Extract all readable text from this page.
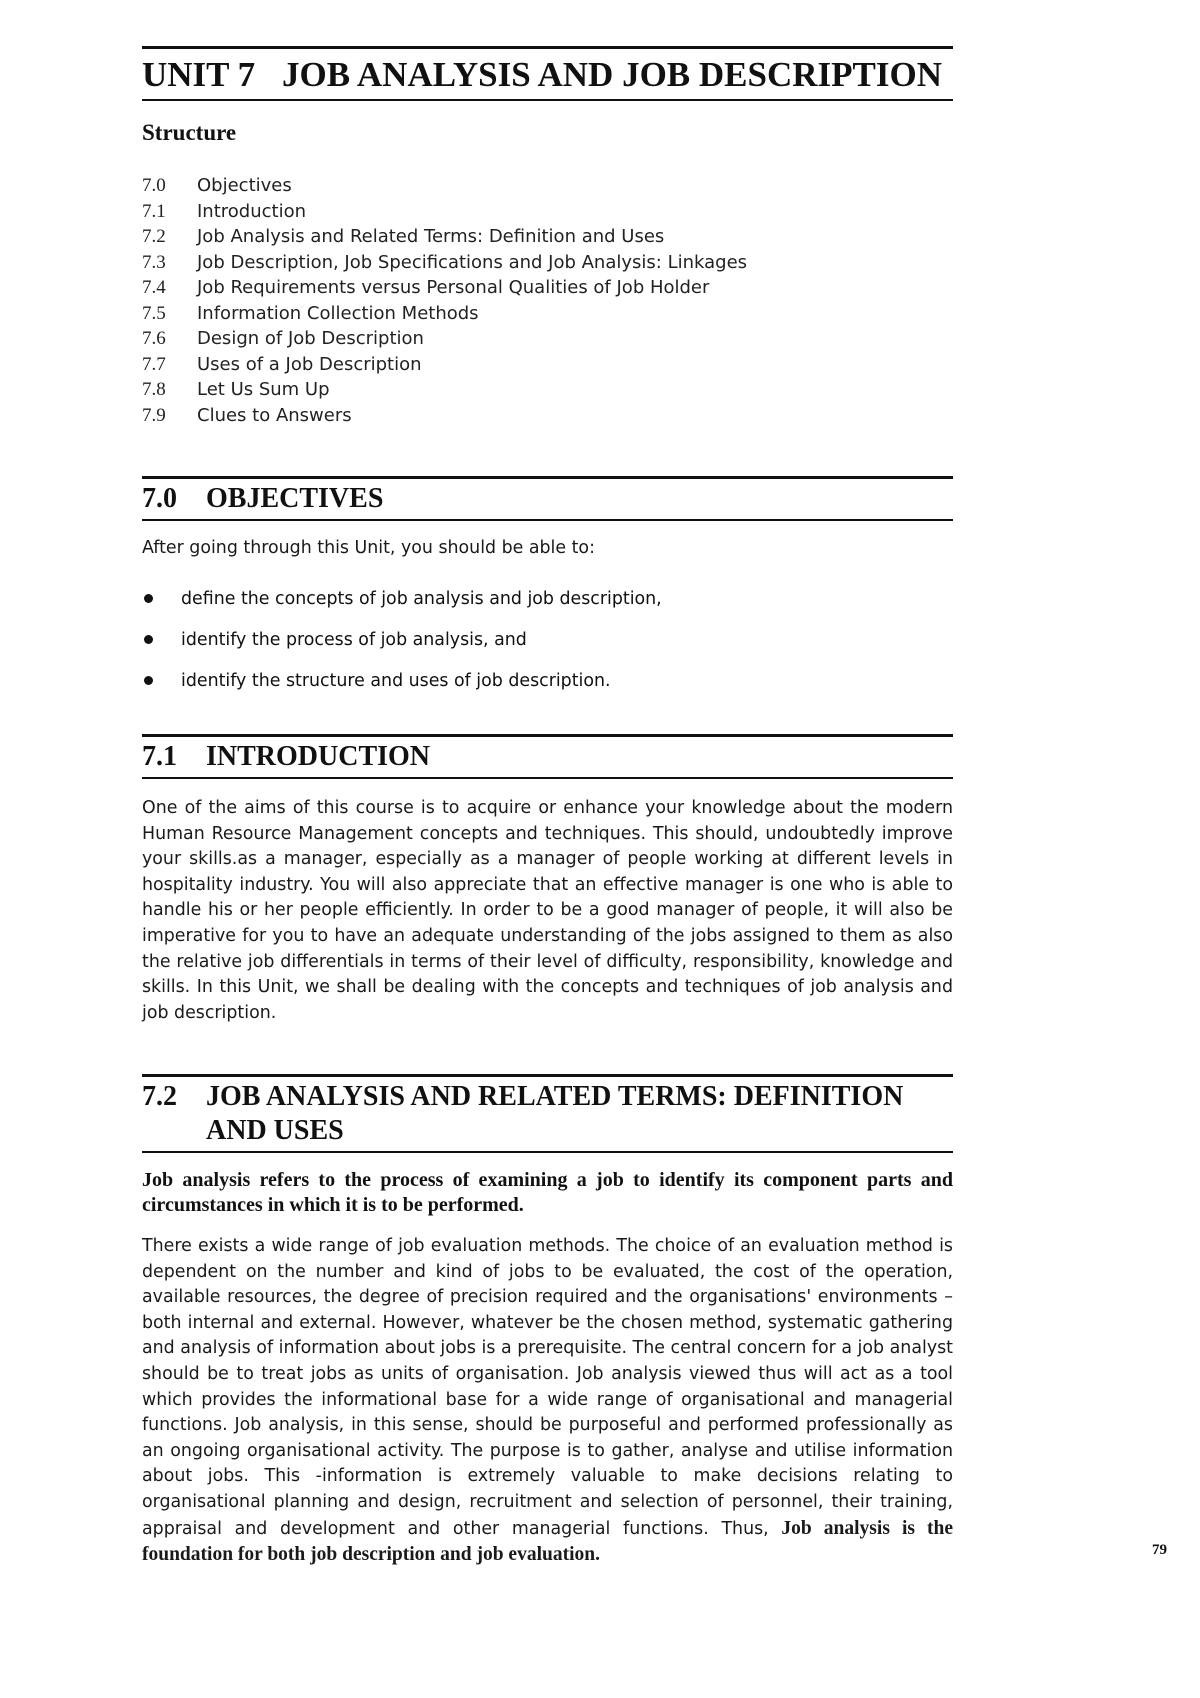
UNIT 7 JOB ANALYSIS AND JOB DESCRIPTION
Structure
7.0	Objectives
7.1	Introduction
7.2	Job Analysis and Related Terms: Definition and Uses
7.3	Job Description, Job Specifications and Job Analysis: Linkages
7.4	Job Requirements versus Personal Qualities of Job Holder
7.5	Information Collection Methods
7.6	Design of Job Description
7.7	Uses of a Job Description
7.8	Let Us Sum Up
7.9	Clues to Answers
7.0 OBJECTIVES
After going through this Unit, you should be able to:
define the concepts of job analysis and job description,
identify the process of job analysis, and
identify the structure and uses of job description.
7.1 INTRODUCTION
One of the aims of this course is to acquire or enhance your knowledge about the modern Human Resource Management concepts and techniques. This should, undoubtedly improve your skills.as a manager, especially as a manager of people working at different levels in hospitality industry. You will also appreciate that an effective manager is one who is able to handle his or her people efficiently. In order to be a good manager of people, it will also be imperative for you to have an adequate understanding of the jobs assigned to them as also the relative job differentials in terms of their level of difficulty, responsibility, knowledge and skills. In this Unit, we shall be dealing with the concepts and techniques of job analysis and job description.
7.2 JOB ANALYSIS AND RELATED TERMS: DEFINITION AND USES
Job analysis refers to the process of examining a job to identify its component parts and circumstances in which it is to be performed.
There exists a wide range of job evaluation methods. The choice of an evaluation method is dependent on the number and kind of jobs to be evaluated, the cost of the operation, available resources, the degree of precision required and the organisations' environments – both internal and external. However, whatever be the chosen method, systematic gathering and analysis of information about jobs is a prerequisite. The central concern for a job analyst should be to treat jobs as units of organisation. Job analysis viewed thus will act as a tool which provides the informational base for a wide range of organisational and managerial functions. Job analysis, in this sense, should be purposeful and performed professionally as an ongoing organisational activity. The purpose is to gather, analyse and utilise information about jobs. This -information is extremely valuable to make decisions relating to organisational planning and design, recruitment and selection of personnel, their training, appraisal and development and other managerial functions. Thus, Job analysis is the foundation for both job description and job evaluation.	79
